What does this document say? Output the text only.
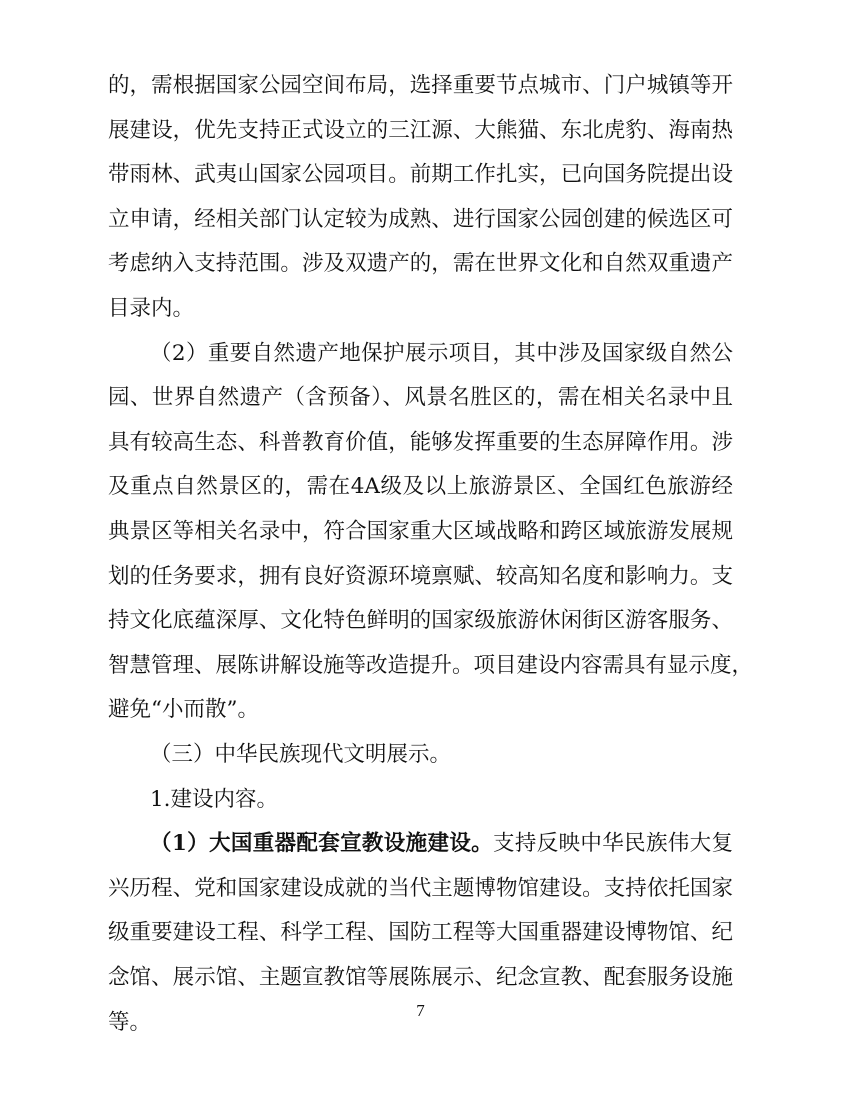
的，需根据国家公园空间布局，选择重要节点城市、门户城镇等开
展建设，优先支持正式设立的三江源、大熊猫、东北虎豹、海南热
带雨林、武夷山国家公园项目。前期工作扎实，已向国务院提出设
立申请，经相关部门认定较为成熟、进行国家公园创建的候选区可
考虑纳入支持范围。涉及双遗产的，需在世界文化和自然双重遗产
目录内。
（2）重要自然遗产地保护展示项目，其中涉及国家级自然公
园、世界自然遗产（含预备）、风景名胜区的，需在相关名录中且
具有较高生态、科普教育价值，能够发挥重要的生态屏障作用。涉
及重点自然景区的，需在4A级及以上旅游景区、全国红色旅游经
典景区等相关名录中，符合国家重大区域战略和跨区域旅游发展规
划的任务要求，拥有良好资源环境禀赋、较高知名度和影响力。支
持文化底蕴深厚、文化特色鲜明的国家级旅游休闲街区游客服务、
智慧管理、展陈讲解设施等改造提升。项目建设内容需具有显示度，
避免“小而散”。
（三）中华民族现代文明展示。
1.建设内容。
（1）大国重器配套宣教设施建设。支持反映中华民族伟大复
兴历程、党和国家建设成就的当代主题博物馆建设。支持依托国家
级重要建设工程、科学工程、国防工程等大国重器建设博物馆、纪
念馆、展示馆、主题宣教馆等展陈展示、纪念宣教、配套服务设施
等。	7
